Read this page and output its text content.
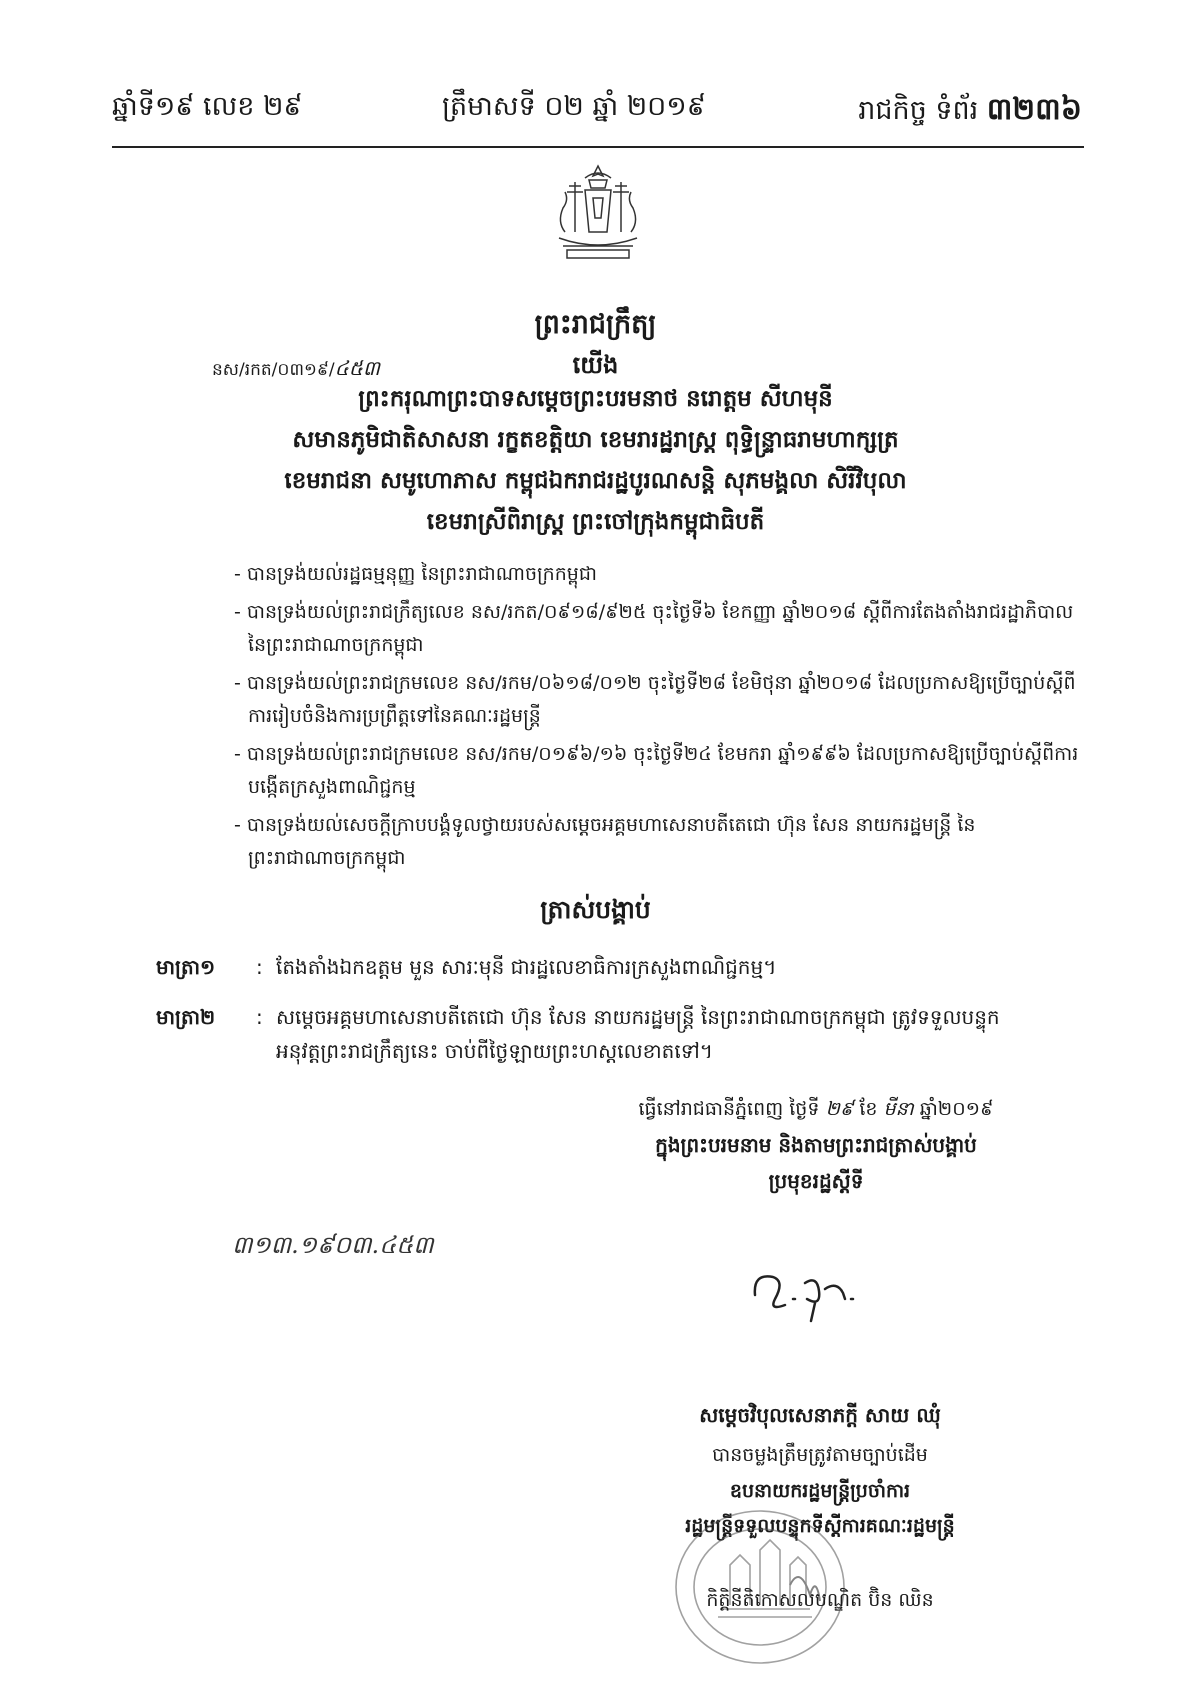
ឆ្នាំទី១៩ លេខ ២៩	ត្រឹមាសទី ០២ ឆ្នាំ ២០១៩	រាជកិច្ច ទំព័រ ៣២៣៦
ព្រះរាជក្រឹត្យ
នស/រកត/០៣១៩/៤៥៣	យើង
ព្រះករុណាព្រះបាទសម្តេចព្រះបរមនាថ នរោត្តម សីហមុនី
សមានភូមិជាតិសាសនា រក្ខតខត្តិយា ខេមរារដ្ឋរាស្ត្រ ពុទ្ធិន្រ្ទាធរាមហាក្សត្រ
ខេមរាជនា សមូហោភាស កម្ពុជឯករាជរដ្ឋបូរណសន្តិ សុភមង្គលា សិរីវិបុលា
ខេមរាស្រីពិរាស្ត្រ ព្រះចៅក្រុងកម្ពុជាធិបតី
- បានទ្រង់យល់រដ្ឋធម្មនុញ្ញ នៃព្រះរាជាណាចក្រកម្ពុជា
- បានទ្រង់យល់ព្រះរាជក្រឹត្យលេខ នស/រកត/០៩១៨/៩២៥ ចុះថ្ងៃទី៦ ខែកញ្ញា ឆ្នាំ២០១៨ ស្តីពីការតែងតាំងរាជរដ្ឋាភិបាល នៃព្រះរាជាណាចក្រកម្ពុជា
- បានទ្រង់យល់ព្រះរាជក្រមលេខ នស/រកម/០៦១៨/០១២ ចុះថ្ងៃទី២៨ ខែមិថុនា ឆ្នាំ២០១៨ ដែលប្រកាសឱ្យប្រើច្បាប់ស្តីពីការរៀបចំនិងការប្រព្រឹត្តទៅនៃគណៈរដ្ឋមន្ត្រី
- បានទ្រង់យល់ព្រះរាជក្រមលេខ នស/រកម/០១៩៦/១៦ ចុះថ្ងៃទី២៤ ខែមករា ឆ្នាំ១៩៩៦ ដែលប្រកាសឱ្យប្រើច្បាប់ស្តីពីការបង្កើតក្រសួងពាណិជ្ជកម្ម
- បានទ្រង់យល់សេចក្តីក្រាបបង្គំទូលថ្វាយរបស់សម្តេចអគ្គមហាសេនាបតីតេជោ ហ៊ុន សែន នាយករដ្ឋមន្ត្រី នៃព្រះរាជាណាចក្រកម្ពុជា
ត្រាស់បង្គាប់
មាត្រា១ : តែងតាំងឯកឧត្តម មួន សារៈមុនី ជារដ្ឋលេខាធិការក្រសួងពាណិជ្ជកម្ម។
មាត្រា២ : សម្តេចអគ្គមហាសេនាបតីតេជោ ហ៊ុន សែន នាយករដ្ឋមន្ត្រី នៃព្រះរាជាណាចក្រកម្ពុជា ត្រូវទទួលបន្ទុក
អនុវត្តព្រះរាជក្រឹត្យនេះ ចាប់ពីថ្ងៃឡាយព្រះហស្តលេខាតទៅ។
ធ្វើនៅរាជធានីភ្នំពេញ ថ្ងៃទី ២៩ ខែ មីនា ឆ្នាំ២០១៩
ក្នុងព្រះបរមនាម និងតាមព្រះរាជត្រាស់បង្គាប់
ប្រមុខរដ្ឋស្តីទី
៣១៣.១៩០៣.៤៥៣
សម្តេចវិបុលសេនាភក្តី សាយ ឈុំ
បានចម្លងត្រឹមត្រូវតាមច្បាប់ដើម
ឧបនាយករដ្ឋមន្ត្រីប្រចាំការ
រដ្ឋមន្ត្រីទទួលបន្ទុកទីស្តីការគណៈរដ្ឋមន្ត្រី
កិត្តិនីតិកោសលបណ្ឌិត ប៊ិន ឈិន
